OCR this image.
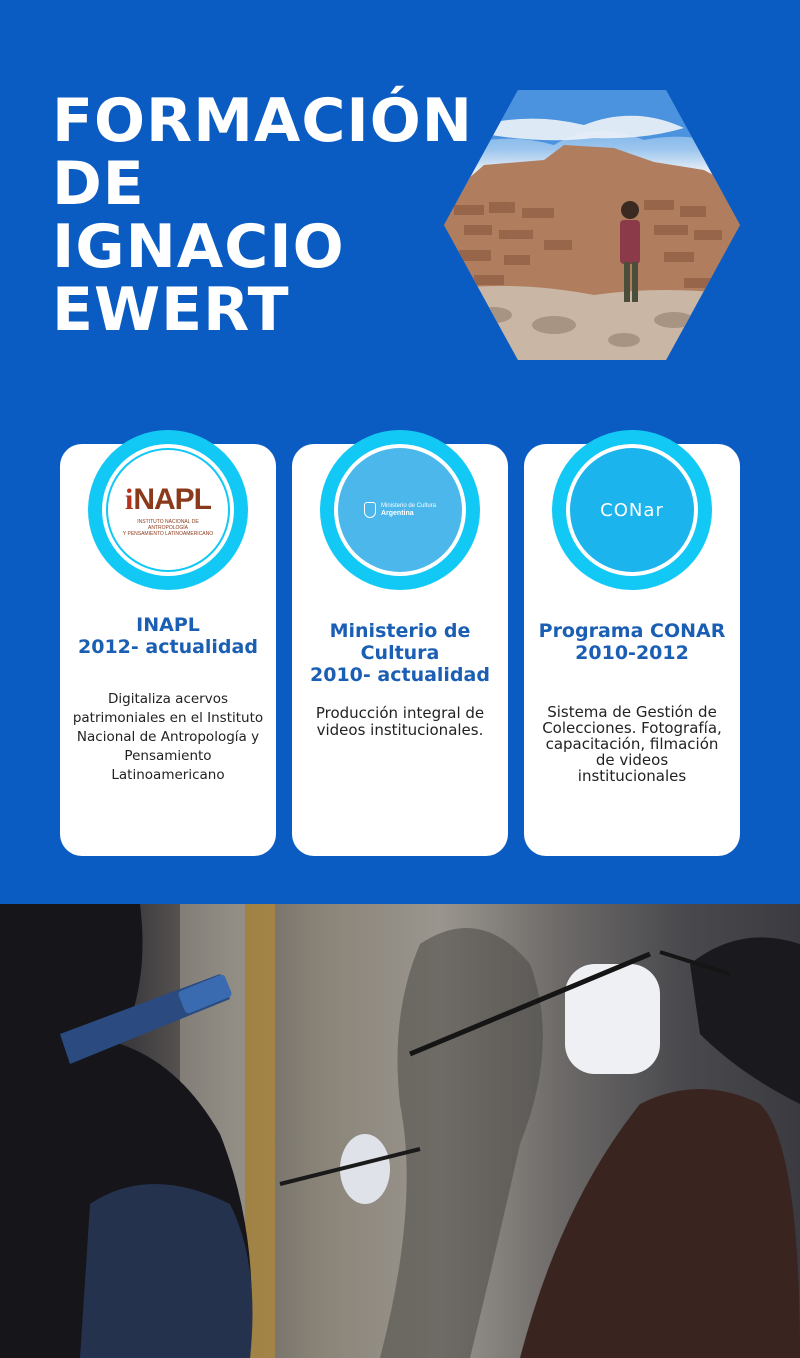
FORMACIÓN
DE
IGNACIO
EWERT
i NAPL
INSTITUTO NACIONAL DE ANTROPOLOGÍA
Y PENSAMIENTO LATINOAMERICANO
Ministerio de Cultura
Argentina	CONar
INAPL
2012- actualidad
Ministerio de
Cultura
2010- actualidad
Programa CONAR
2010-2012
Digitaliza acervos
patrimoniales en el Instituto
Nacional de Antropología y
Pensamiento
Latinoamericano
Producción integral de
videos institucionales.
Sistema de Gestión de
Colecciones. Fotografía,
capacitación, filmación
de videos
institucionales
